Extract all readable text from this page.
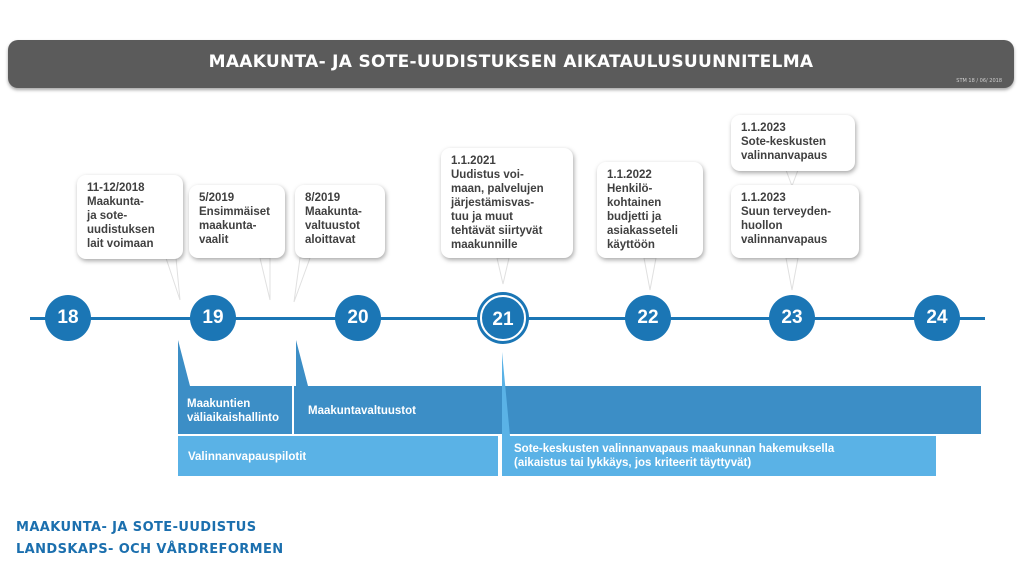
MAAKUNTA- JA SOTE-UUDISTUKSEN AIKATAULUSUUNNITELMA
STM 18 / 06/ 2018
11-12/2018
Maakunta-
ja sote-
uudistuksen
lait voimaan
5/2019
Ensimmäiset
maakunta-
vaalit
8/2019
Maakunta-
valtuustot
aloittavat
1.1.2021
Uudistus voi-
maan, palvelujen
järjestämisvas-
tuu ja muut
tehtävät siirtyvät
maakunnille
1.1.2022
Henkilö-
kohtainen
budjetti ja
asiakasseteli
käyttöön
1.1.2023
Sote-keskusten
valinnanvapaus
1.1.2023
Suun terveyden-
huollon
valinnanvapaus
18	19	20	21	22	23	24
Valinnanvapauspilotit
Maakuntien
väliaikaishallinto
Maakuntavaltuustot
Sote-keskusten valinnanvapaus maakunnan hakemuksella
(aikaistus tai lykkäys, jos kriteerit täyttyvät)
MAAKUNTA- JA SOTE-UUDISTUS
LANDSKAPS- OCH VÅRDREFORMEN
